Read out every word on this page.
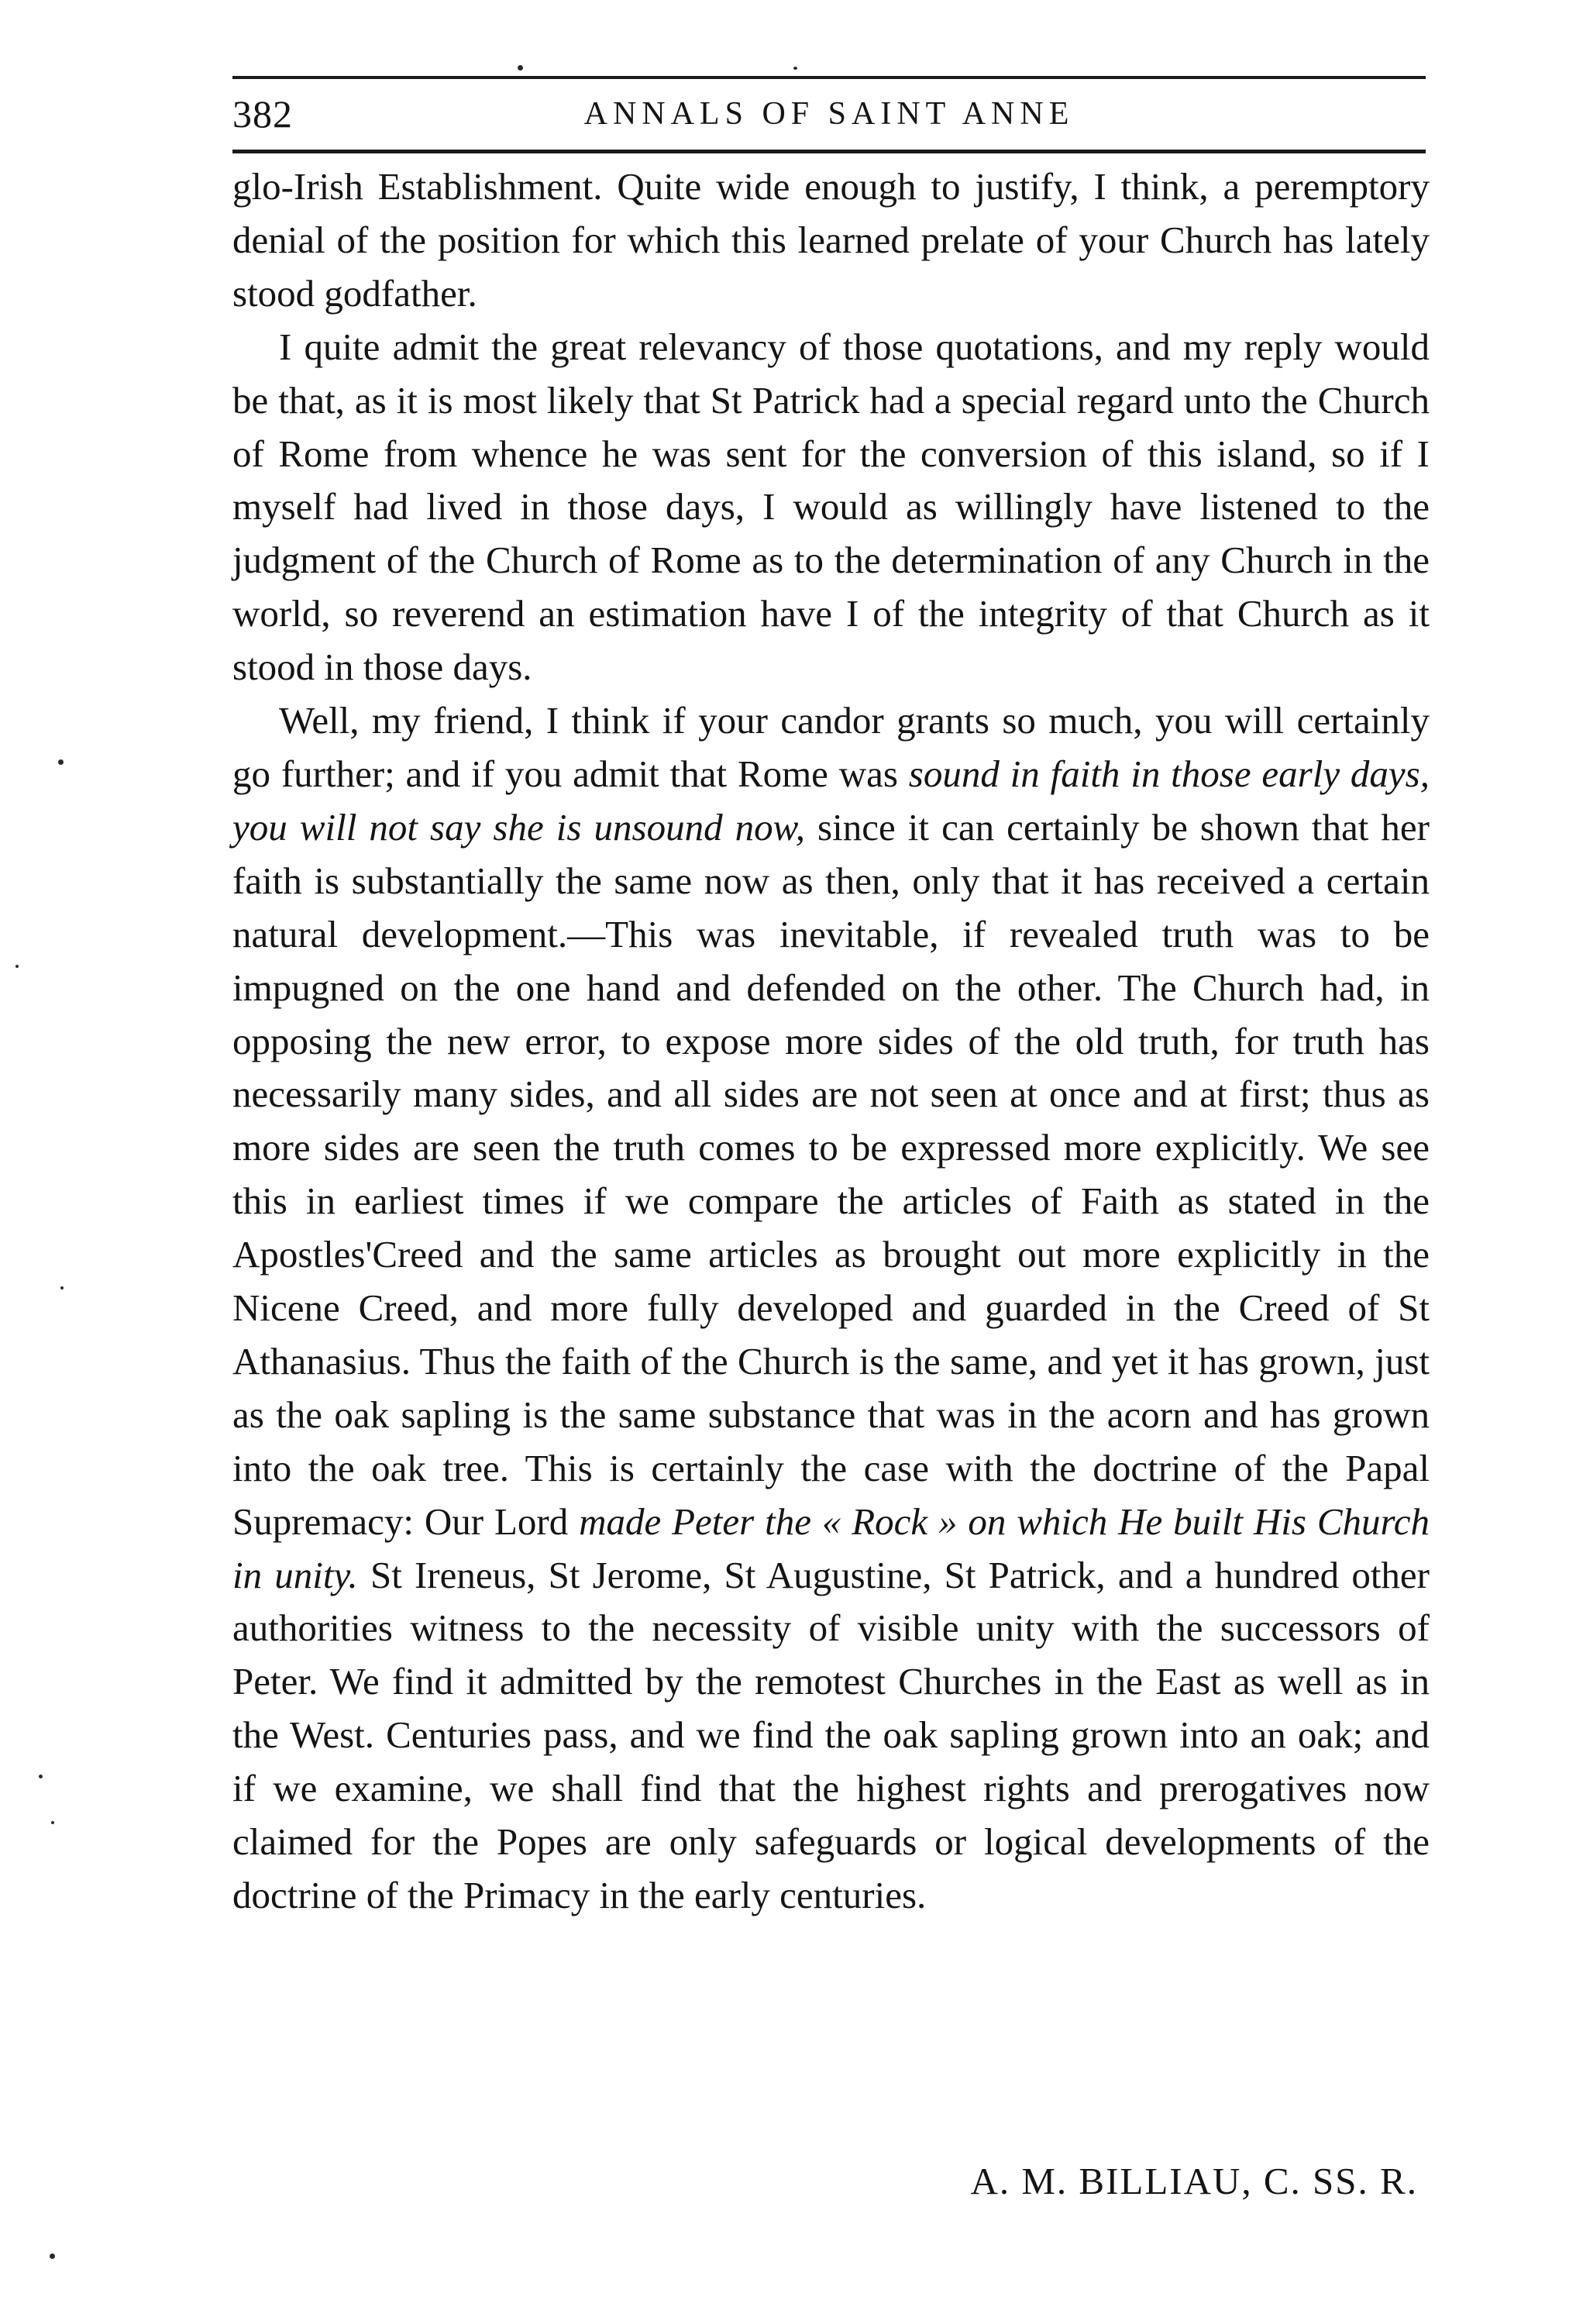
382	ANNALS OF SAINT ANNE

glo-Irish Establishment. Quite wide enough to justify, I think, a peremptory denial of the position for which this learned prelate of your Church has lately stood godfather.

I quite admit the great relevancy of those quotations, and my reply would be that, as it is most likely that St Patrick had a special regard unto the Church of Rome from whence he was sent for the conversion of this island, so if I myself had lived in those days, I would as willingly have listened to the judgment of the Church of Rome as to the determination of any Church in the world, so reverend an estimation have I of the integrity of that Church as it stood in those days.

Well, my friend, I think if your candor grants so much, you will certainly go further; and if you admit that Rome was sound in faith in those early days, you will not say she is unsound now, since it can certainly be shown that her faith is substantially the same now as then, only that it has received a certain natural development.—This was inevitable, if revealed truth was to be impugned on the one hand and defended on the other. The Church had, in opposing the new error, to expose more sides of the old truth, for truth has necessarily many sides, and all sides are not seen at once and at first; thus as more sides are seen the truth comes to be expressed more explicitly. We see this in earliest times if we compare the articles of Faith as stated in the Apostles'Creed and the same articles as brought out more explicitly in the Nicene Creed, and more fully developed and guarded in the Creed of St Athanasius. Thus the faith of the Church is the same, and yet it has grown, just as the oak sapling is the same substance that was in the acorn and has grown into the oak tree. This is certainly the case with the doctrine of the Papal Supremacy: Our Lord made Peter the « Rock » on which He built His Church in unity. St Ireneus, St Jerome, St Augustine, St Patrick, and a hundred other authorities witness to the necessity of visible unity with the successors of Peter. We find it admitted by the remotest Churches in the East as well as in the West. Centuries pass, and we find the oak sapling grown into an oak; and if we examine, we shall find that the highest rights and prerogatives now claimed for the Popes are only safeguards or logical developments of the doctrine of the Primacy in the early centuries.

A. M. BILLIAU, C. SS. R.
